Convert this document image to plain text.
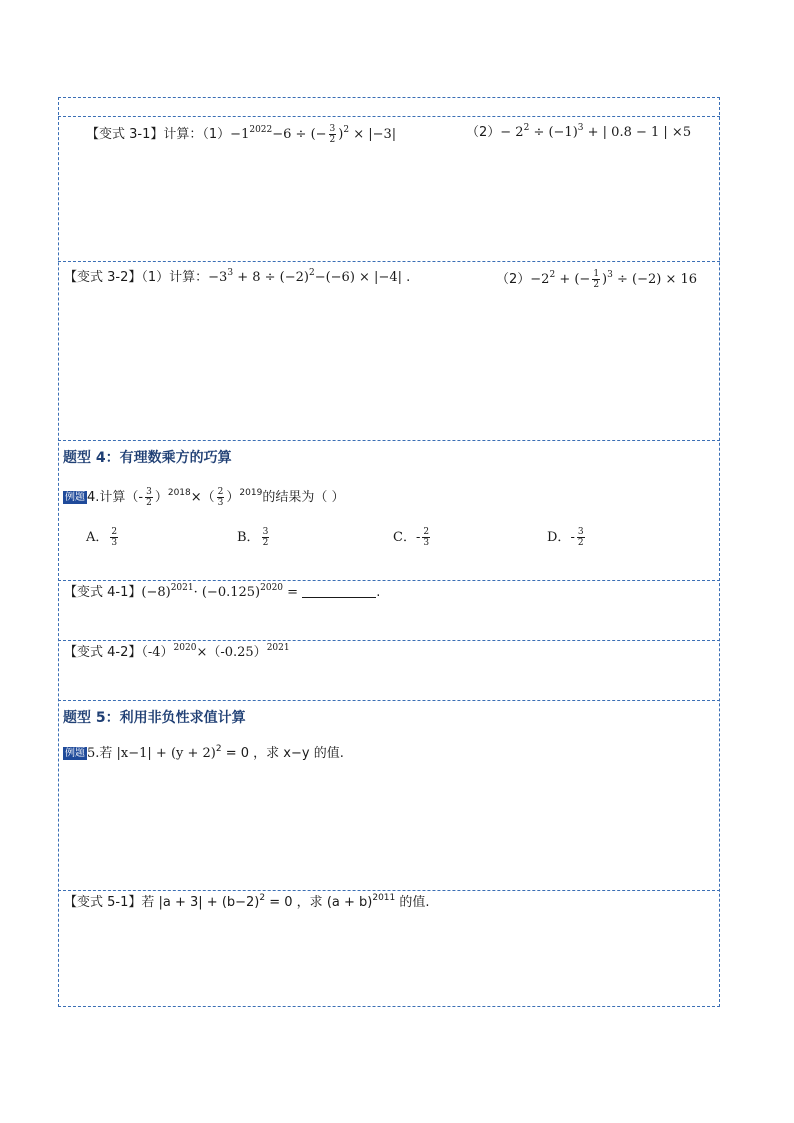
【变式 3-1】计算：$(1)-1^{2022}-6$ ÷ (− $\frac{3}{2} )^2 \times |-3|$	$(2)- 2^2 \div (-1)^3$ + | 0.8 − 1 | ×5
【变式 3-2】（1）计算：$-3^3 + 8 \div (-2)^2-(-6) \times |-4|$ .	$(2)-2^2$ + (− $\frac{1}{2} )^3 \div (-2) \times 16$
题型 4：有理数乘方的巧算
例题 4.计算（- $\frac{3}{2} )^{2018}\times( \frac{2}{3} )^{2019}$的结果为（ ）
A． $\frac{2}{3}$	B． $\frac{3}{2}$	C．- $\frac{2}{3}$	D．- $\frac{3}{2}$
【变式 4-1】$(-8)^{2021}\cdot (-0.125)^{2020}$ =	.
【变式 4-2】$(-4)^{2020}\times(-0.25)^{2021}$
题型 5：利用非负性求值计算
例题 5.若 $|x-1| + (y + 2)^2 = 0$ ，求 x−y 的值.
【变式 5-1】若 $|a + 3| + (b-2)^2 = 0$ ，求 $(a + b)^{2011}$ 的值.
